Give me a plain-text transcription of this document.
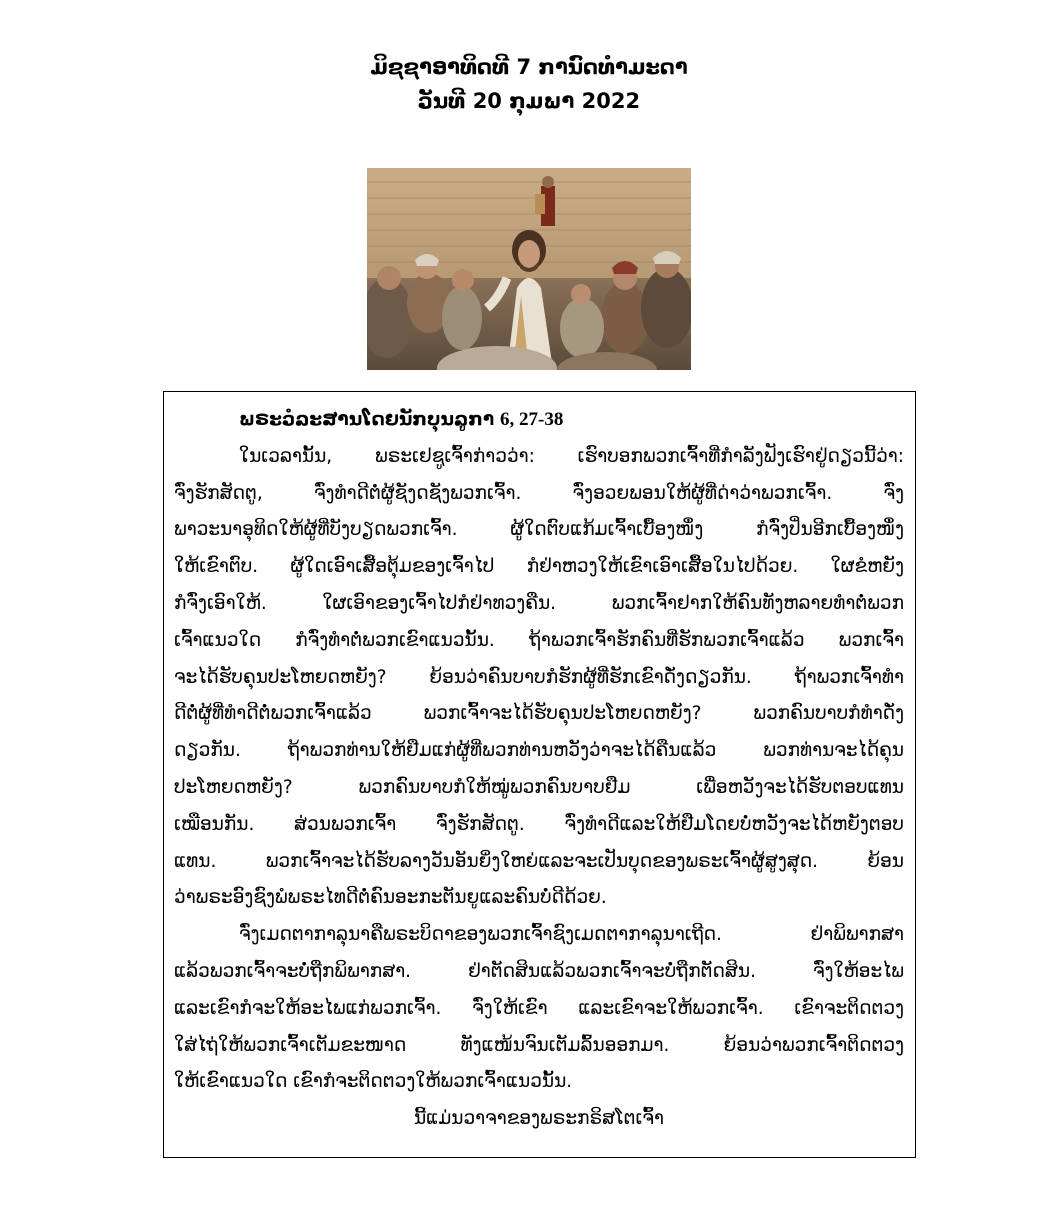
ມິຊຊາອາທິດທີ 7 ການົດທຳມະດາ
ວັນທີ 20 ກຸມພາ 2022
ພຣະວໍລະສານໂດຍນັກບຸນລູກາ 6, 27-38
ໃນເວລານັ້ນ, ພຣະເຢຊູເຈົ້າກ່າວວ່າ: ເຮົາບອກພວກເຈົ້າທີ່ກຳລັງຟັງເຮົາຢູ່ດຽວນີ້ວ່າ:
ຈົ່ງຮັກສັດຕູ, ຈົ່ງທຳດີຕໍ່ຜູ້ຊັງດຊັງພວກເຈົ້າ. ຈົ່ງອວຍພອນໃຫ້ຜູ້ທີ່ດ່າວ່າພວກເຈົ້າ. ຈົ່ງ
ພາວະນາອຸທິດໃຫ້ຜູ້ທີ່ບັງບຽດພວກເຈົ້າ. ຜູ້ໃດຕົບແກ້ມເຈົ້າເບື້ອງໜຶ່ງ ກໍຈົ່ງປິ່ນອີກເບື້ອງໜຶ່ງ
ໃຫ້ເຂົາຕົບ. ຜູ້ໃດເອົາເສື້ອຕຸ້ມຂອງເຈົ້າໄປ ກໍຢ່າຫວງໃຫ້ເຂົາເອົາເສື້ອໃນໄປດ້ວຍ. ໃຜຂໍຫຍັງ
ກໍຈົ່ງເອົາໃຫ້. ໃຜເອົາຂອງເຈົ້າໄປກໍຢ່າທວງຄືນ. ພວກເຈົ້າຢາກໃຫ້ຄົນທັງຫລາຍທຳຕໍ່ພວກ
ເຈົ້າແນວໃດ ກໍຈົ່ງທຳຕໍ່ພວກເຂົາແນວນັ້ນ. ຖ້າພວກເຈົ້າຮັກຄົນທີ່ຮັກພວກເຈົ້າແລ້ວ ພວກເຈົ້າ
ຈະໄດ້ຮັບຄຸນປະໂຫຍດຫຍັງ? ຍ້ອນວ່າຄົນບາບກໍຮັກຜູ້ທີ່ຮັກເຂົາດັ່ງດຽວກັນ. ຖ້າພວກເຈົ້າທຳ
ດີຕໍ່ຜູ້ທີ່ທຳດີຕໍ່ພວກເຈົ້າແລ້ວ ພວກເຈົ້າຈະໄດ້ຮັບຄຸນປະໂຫຍດຫຍັງ? ພວກຄົນບາບກໍທຳດັ່ງ
ດຽວກັນ. ຖ້າພວກທ່ານໃຫ້ຢືມແກ່ຜູ້ທີ່ພວກທ່ານຫວັງວ່າຈະໄດ້ຄືນແລ້ວ ພວກທ່ານຈະໄດ້ຄຸນ
ປະໂຫຍດຫຍັງ? ພວກຄົນບາບກໍໃຫ້ໝູ່ພວກຄົນບາບຢືມ ເພື່ອຫວັງຈະໄດ້ຮັບຕອບແທນ
ເໝືອນກັນ. ສ່ວນພວກເຈົ້າ ຈົ່ງຮັກສັດຕູ. ຈົ່ງທຳດີແລະໃຫ້ຢືມໂດຍບໍ່ຫວັງຈະໄດ້ຫຍັງຕອບ
ແທນ. ພວກເຈົ້າຈະໄດ້ຮັບລາງວັນອັນຍິ່ງໃຫຍ່ແລະຈະເປັນບຸດຂອງພຣະເຈົ້າຜູ້ສູງສຸດ. ຍ້ອນ
ວ່າພຣະອົງຊົງພໍພຣະໄທດີຕໍ່ຄົນອະກະຕັນຍູແລະຄົນບໍ່ດີດ້ວຍ.
ຈົ່ງເມດຕາກາລຸນາຄືພຣະບິດາຂອງພວກເຈົ້າຊົງເມດຕາກາລຸນາເຖີດ. ຢ່າພິພາກສາ
ແລ້ວພວກເຈົ້າຈະບໍ່ຖືກພິພາກສາ. ຢ່າຕັດສິນແລ້ວພວກເຈົ້າຈະບໍ່ຖືກຕັດສິນ. ຈົ່ງໃຫ້ອະໄພ
ແລະເຂົາກໍຈະໃຫ້ອະໄພແກ່ພວກເຈົ້າ. ຈົ່ງໃຫ້ເຂົາ ແລະເຂົາຈະໃຫ້ພວກເຈົ້າ. ເຂົາຈະຕິດຕວງ
ໃສ່ໄຖ່ໃຫ້ພວກເຈົ້າເຕັມຂະໜາດ ທັງແໜ້ນຈົນເຕັມລົ້ນອອກມາ. ຍ້ອນວ່າພວກເຈົ້າຕິດຕວງ
ໃຫ້ເຂົາແນວໃດ ເຂົາກໍຈະຕິດຕວງໃຫ້ພວກເຈົ້າແນວນັ້ນ.
ນີ້ແມ່ນວາຈາຂອງພຣະກຣິສໂຕເຈົ້າ
